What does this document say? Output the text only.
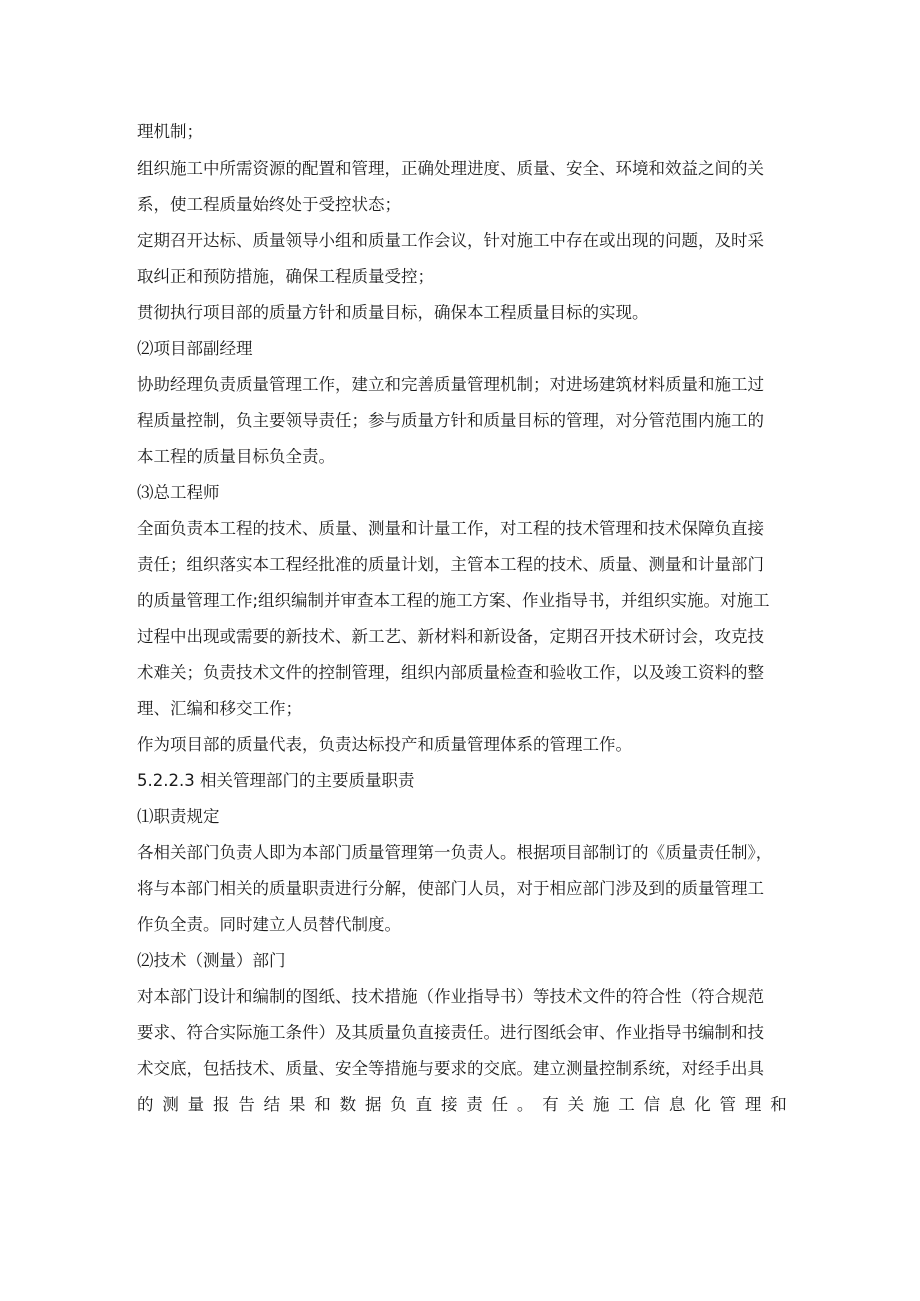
理机制；
组织施工中所需资源的配置和管理，正确处理进度、质量、安全、环境和效益之间的关
系，使工程质量始终处于受控状态；
定期召开达标、质量领导小组和质量工作会议，针对施工中存在或出现的问题，及时采
取纠正和预防措施，确保工程质量受控；
贯彻执行项目部的质量方针和质量目标，确保本工程质量目标的实现。
⑵项目部副经理
协助经理负责质量管理工作，建立和完善质量管理机制；对进场建筑材料质量和施工过
程质量控制，负主要领导责任；参与质量方针和质量目标的管理，对分管范围内施工的
本工程的质量目标负全责。
⑶总工程师
全面负责本工程的技术、质量、测量和计量工作，对工程的技术管理和技术保障负直接
责任；组织落实本工程经批准的质量计划，主管本工程的技术、质量、测量和计量部门
的质量管理工作;组织编制并审查本工程的施工方案、作业指导书，并组织实施。对施工
过程中出现或需要的新技术、新工艺、新材料和新设备，定期召开技术研讨会，攻克技
术难关；负责技术文件的控制管理，组织内部质量检查和验收工作，以及竣工资料的整
理、汇编和移交工作；
作为项目部的质量代表，负责达标投产和质量管理体系的管理工作。
5.2.2.3 相关管理部门的主要质量职责
⑴职责规定
各相关部门负责人即为本部门质量管理第一负责人。根据项目部制订的《质量责任制》，
将与本部门相关的质量职责进行分解，使部门人员，对于相应部门涉及到的质量管理工
作负全责。同时建立人员替代制度。
⑵技术（测量）部门
对本部门设计和编制的图纸、技术措施（作业指导书）等技术文件的符合性（符合规范
要求、符合实际施工条件）及其质量负直接责任。进行图纸会审、作业指导书编制和技
术交底，包括技术、质量、安全等措施与要求的交底。建立测量控制系统，对经手出具
的 测 量 报 告 结 果 和 数 据 负 直 接 责 任 。 有 关 施 工 信 息 化 管 理 和
